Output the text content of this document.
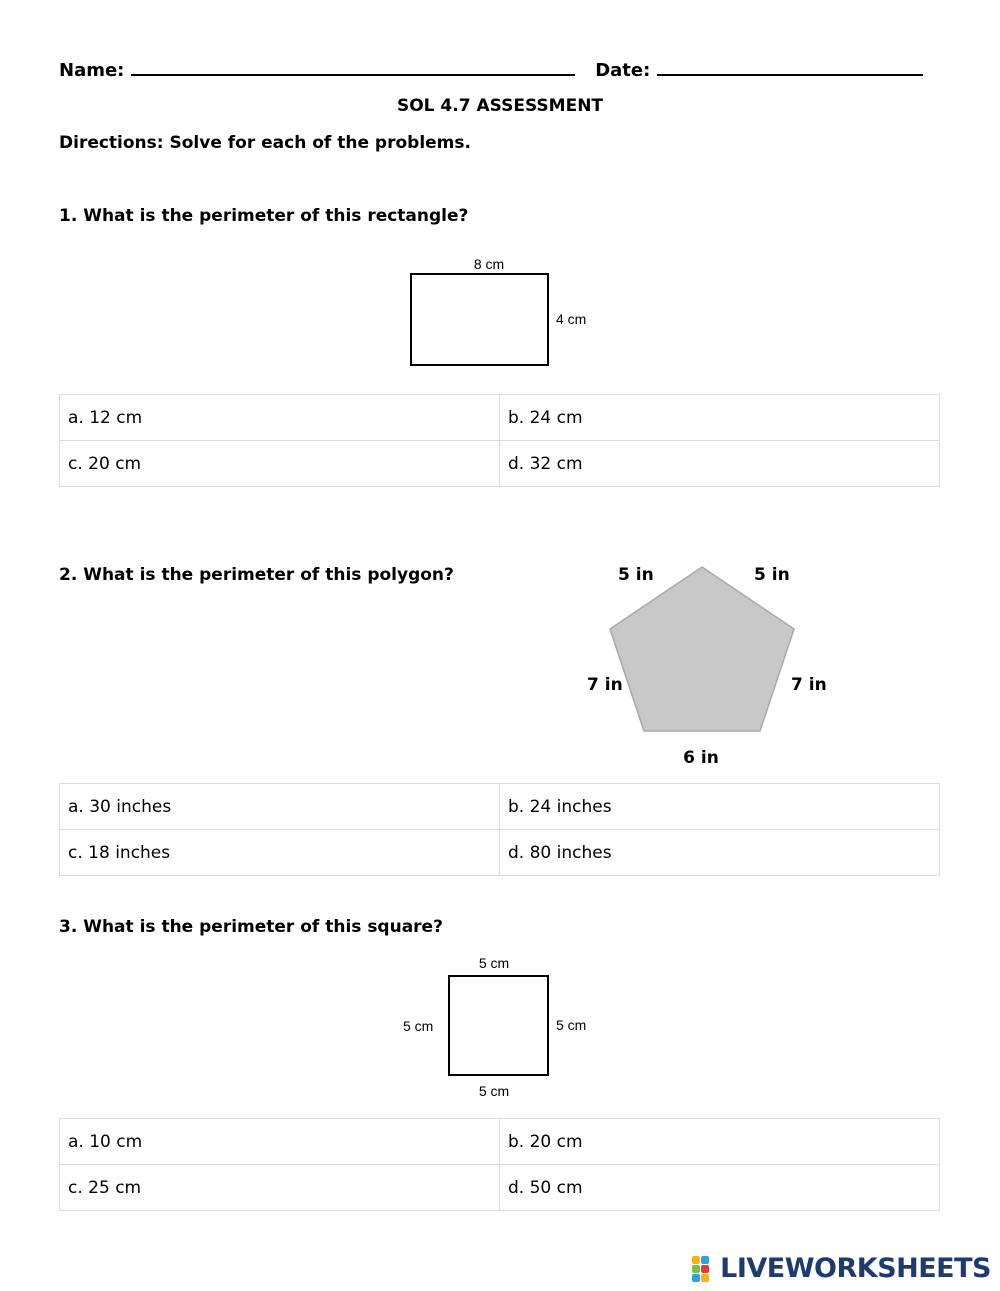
Name:	Date:
SOL 4.7 ASSESSMENT
Directions: Solve for each of the problems.
1. What is the perimeter of this rectangle?
8 cm
4 cm
a. 12 cm	b. 24 cm
c. 20 cm	d. 32 cm
2. What is the perimeter of this polygon?	5 in	5 in
7 in	7 in
6 in
a. 30 inches	b. 24 inches
c. 18 inches	d. 80 inches
3. What is the perimeter of this square?
5 cm
5 cm	5 cm
5 cm
a. 10 cm	b. 20 cm
c. 25 cm	d. 50 cm
LIVEWORKSHEETS
